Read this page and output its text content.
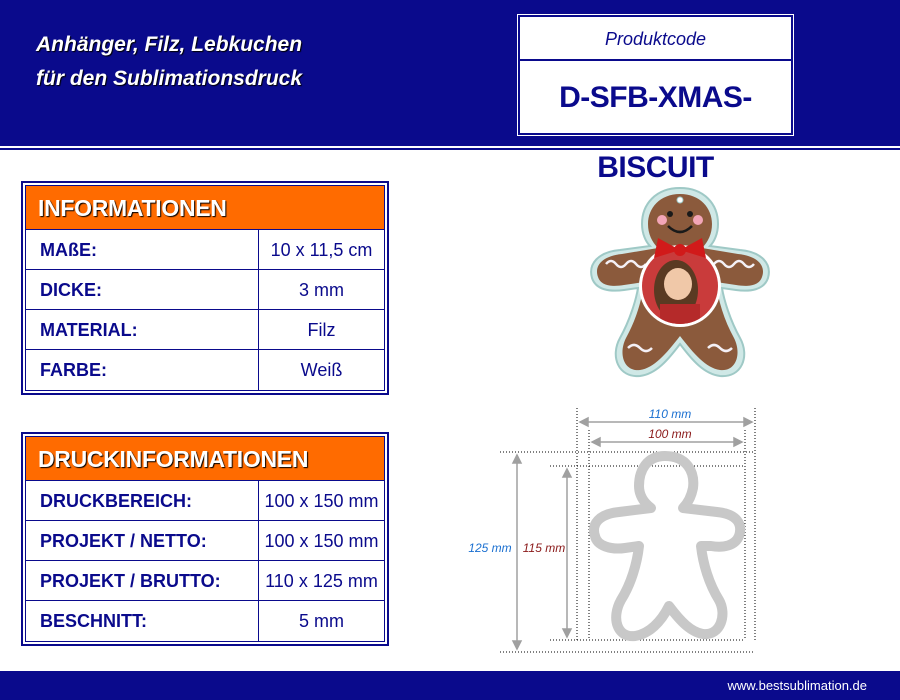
Anhänger, Filz, Lebkuchen
für den Sublimationsdruck
Produktcode
D-SFB-XMAS-BISCUIT
INFORMATIONEN
MAßE:	10 x 11,5 cm
DICKE:	3 mm
MATERIAL:	Filz
FARBE:	Weiß
DRUCKINFORMATIONEN
DRUCKBEREICH:	100 x 150 mm
PROJEKT / NETTO:	100 x 150 mm
PROJEKT / BRUTTO:	110 x 125 mm
BESCHNITT:	5 mm
110 mm
100 mm
125 mm 115 mm
www.bestsublimation.de
